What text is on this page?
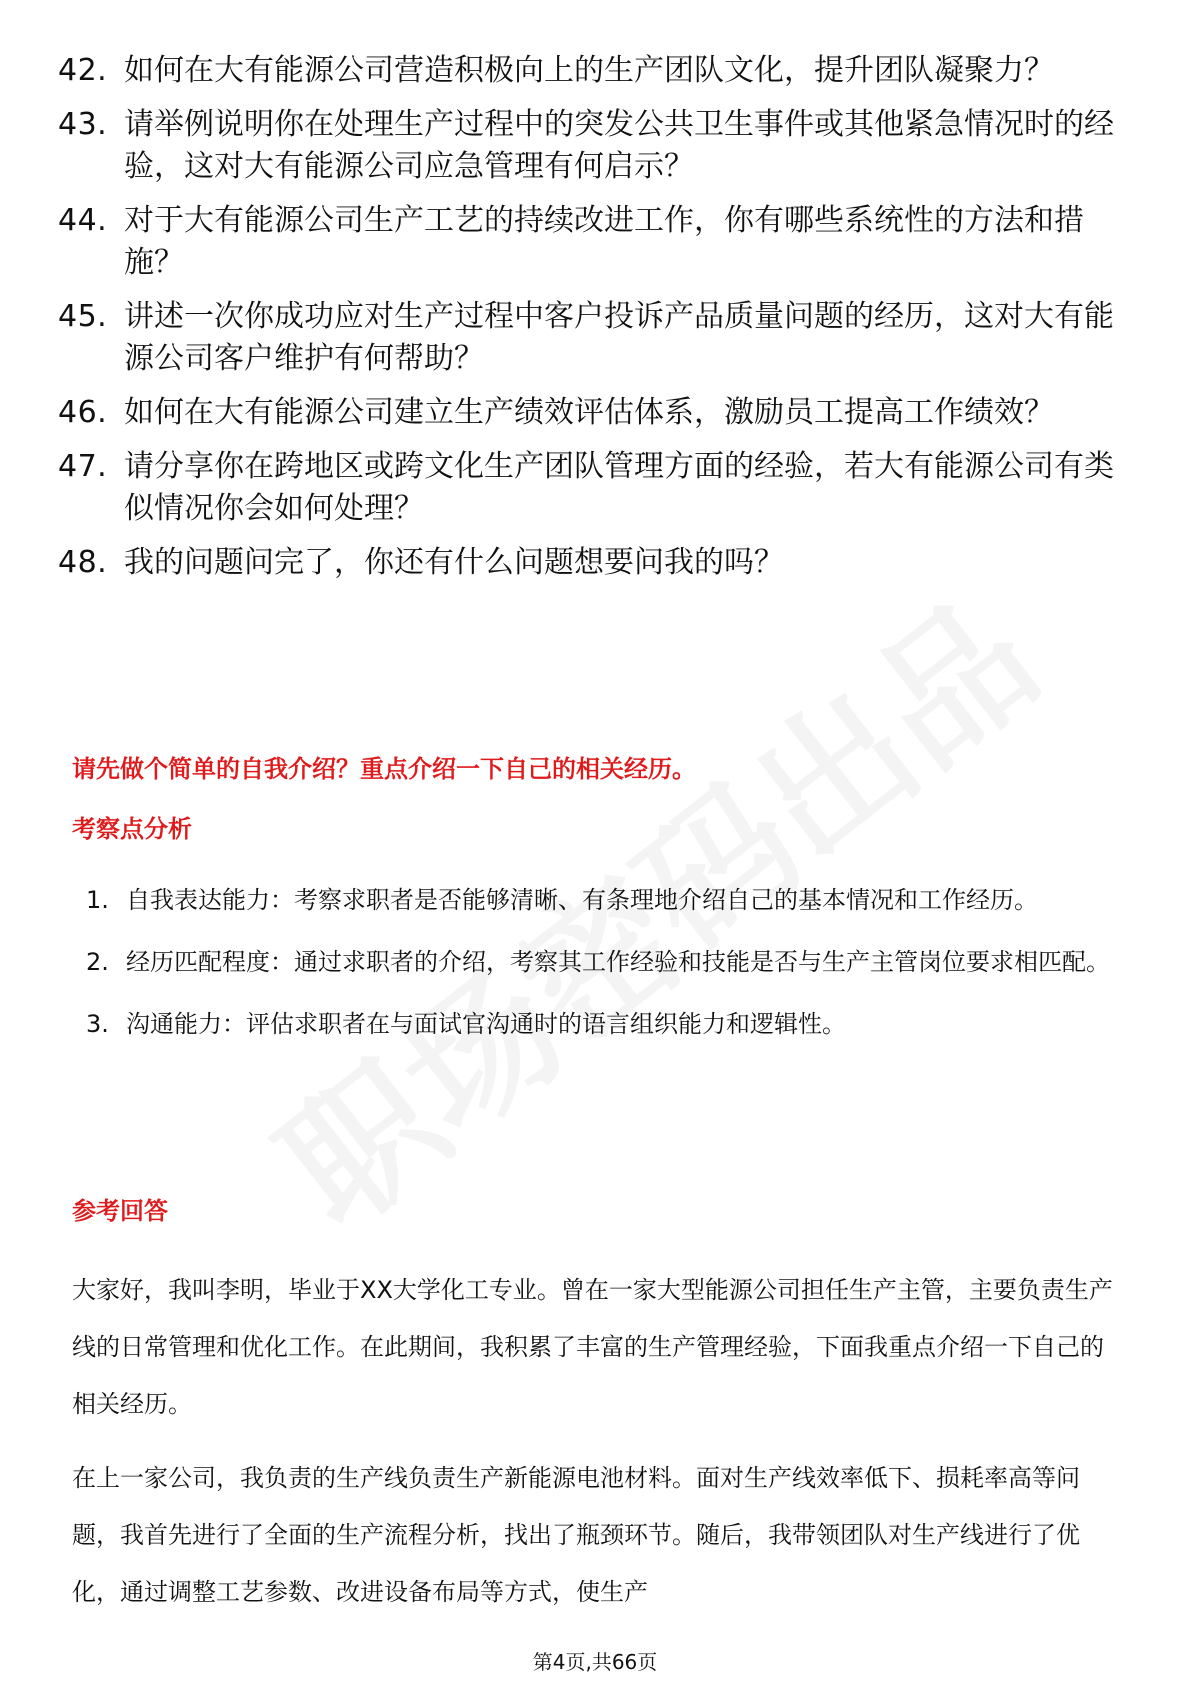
42. 如何在大有能源公司营造积极向上的生产团队文化，提升团队凝聚力？
43. 请举例说明你在处理生产过程中的突发公共卫生事件或其他紧急情况时的经验，这对大有能源公司应急管理有何启示？
44. 对于大有能源公司生产工艺的持续改进工作，你有哪些系统性的方法和措施？
45. 讲述一次你成功应对生产过程中客户投诉产品质量问题的经历，这对大有能源公司客户维护有何帮助？
46. 如何在大有能源公司建立生产绩效评估体系，激励员工提高工作绩效？
47. 请分享你在跨地区或跨文化生产团队管理方面的经验，若大有能源公司有类似情况你会如何处理？
48. 我的问题问完了，你还有什么问题想要问我的吗？
请先做个简单的自我介绍？重点介绍一下自己的相关经历。
考察点分析
1. 自我表达能力：考察求职者是否能够清晰、有条理地介绍自己的基本情况和工作经历。
2. 经历匹配程度：通过求职者的介绍，考察其工作经验和技能是否与生产主管岗位要求相匹配。
3. 沟通能力：评估求职者在与面试官沟通时的语言组织能力和逻辑性。
参考回答

大家好，我叫李明，毕业于XX大学化工专业。曾在一家大型能源公司担任生产主管，主要负责生产线的日常管理和优化工作。在此期间，我积累了丰富的生产管理经验，下面我重点介绍一下自己的相关经历。

在上一家公司，我负责的生产线负责生产新能源电池材料。面对生产线效率低下、损耗率高等问题，我首先进行了全面的生产流程分析，找出了瓶颈环节。随后，我带领团队对生产线进行了优化，通过调整工艺参数、改进设备布局等方式，使生产

第4页,共66页
